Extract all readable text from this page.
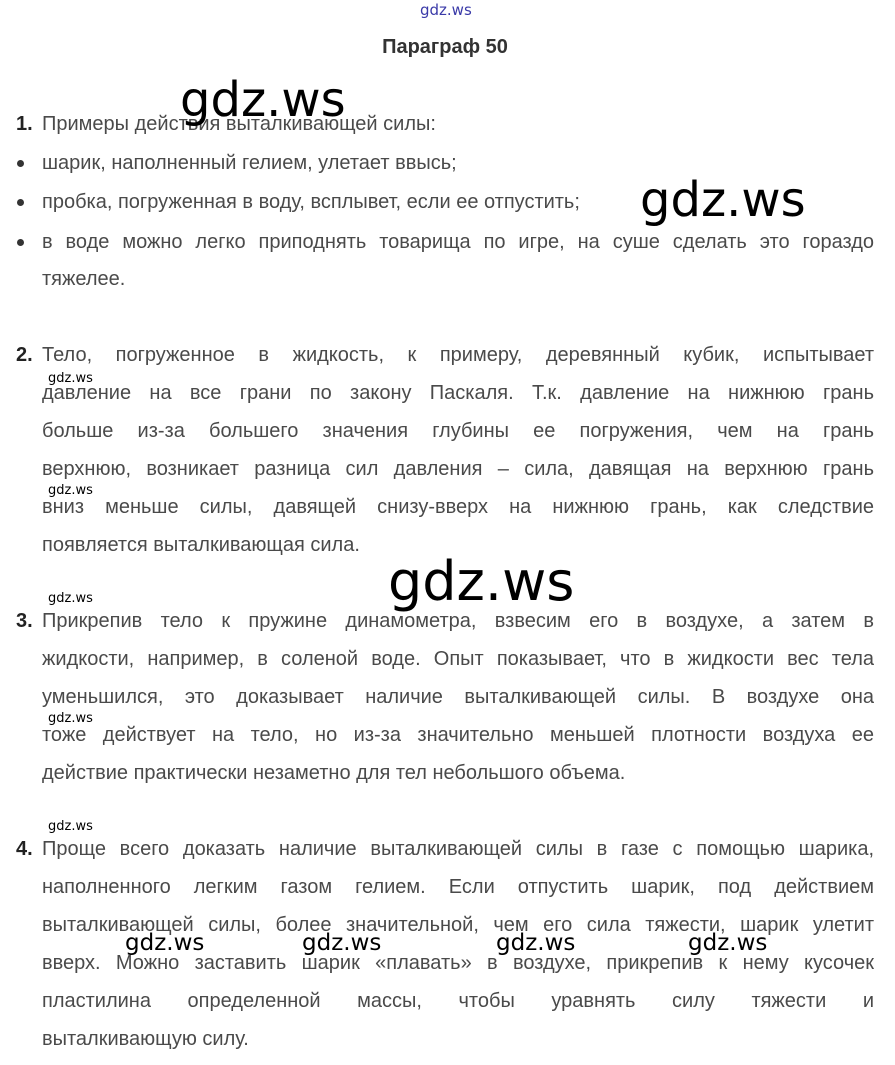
gdz.ws
Параграф 50
1. Примеры действия выталкивающей силы:
шарик, наполненный гелием, улетает ввысь;
пробка, погруженная в воду, всплывет, если ее отпустить;
в воде можно легко приподнять товарища по игре, на суше сделать это гораздо
тяжелее.
2. Тело, погруженное в жидкость, к примеру, деревянный кубик, испытывает
давление на все грани по закону Паскаля. Т.к. давление на нижнюю грань
больше из-за большего значения глубины ее погружения, чем на грань
верхнюю, возникает разница сил давления – сила, давящая на верхнюю грань
вниз меньше силы, давящей снизу-вверх на нижнюю грань, как следствие
появляется выталкивающая сила.
3. Прикрепив тело к пружине динамометра, взвесим его в воздухе, а затем в
жидкости, например, в соленой воде. Опыт показывает, что в жидкости вес тела
уменьшился, это доказывает наличие выталкивающей силы. В воздухе она
тоже действует на тело, но из-за значительно меньшей плотности воздуха ее
действие практически незаметно для тел небольшого объема.
4. Проще всего доказать наличие выталкивающей силы в газе с помощью шарика,
наполненного легким газом гелием. Если отпустить шарик, под действием
выталкивающей силы, более значительной, чем его сила тяжести, шарик улетит
вверх. Можно заставить шарик «плавать» в воздухе, прикрепив к нему кусочек
пластилина определенной массы, чтобы уравнять силу тяжести и
выталкивающую силу.
gdz.ws
gdz.ws
gdz.ws
gdz.ws
gdz.ws
gdz.ws
gdz.ws
gdz.ws
gdz.ws	gdz.ws	gdz.ws	gdz.ws
